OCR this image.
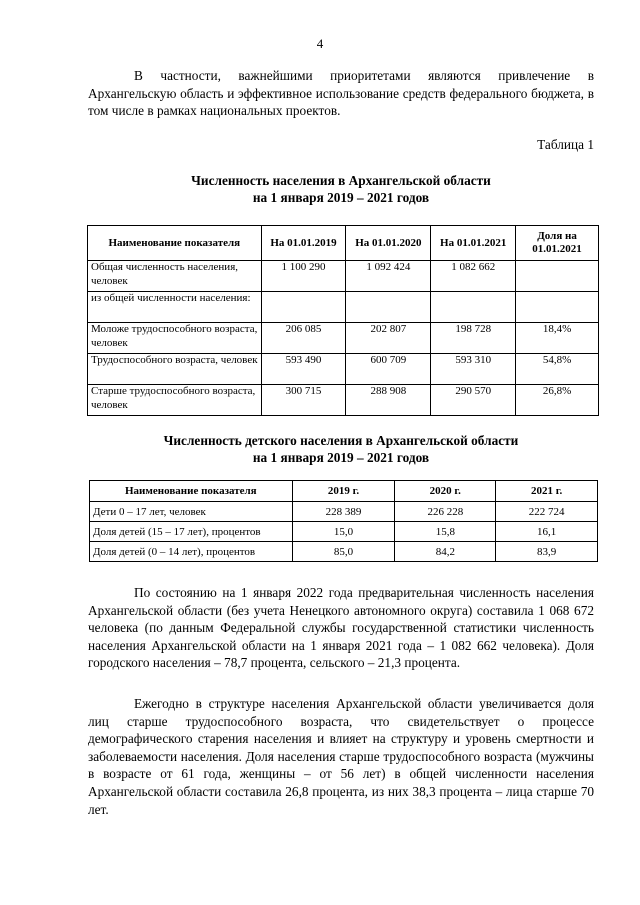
4

В частности, важнейшими приоритетами являются привлечение в Архангельскую область и эффективное использование средств федерального бюджета, в том числе в рамках национальных проектов.

Таблица 1
Численность населения в Архангельской области
на 1 января 2019 – 2021 годов
Наименование показателя	На 01.01.2019	На 01.01.2020	На 01.01.2021	Доля на 01.01.2021
Общая численность населения, человек	1 100 290	1 092 424	1 082 662	
из общей численности населения:				
Моложе трудоспособного возраста, человек	206 085	202 807	198 728	18,4%
Трудоспособного возраста, человек	593 490	600 709	593 310	54,8%
Старше трудоспособного возраста, человек	300 715	288 908	290 570	26,8%
Численность детского населения в Архангельской области
на 1 января 2019 – 2021 годов
Наименование показателя	2019 г.	2020 г.	2021 г.
Дети 0 – 17 лет, человек	228 389	226 228	222 724
Доля детей (15 – 17 лет), процентов	15,0	15,8	16,1
Доля детей (0 – 14 лет), процентов	85,0	84,2	83,9

По состоянию на 1 января 2022 года предварительная численность населения Архангельской области (без учета Ненецкого автономного округа) составила 1 068 672 человека (по данным Федеральной службы государственной статистики численность населения Архангельской области на 1 января 2021 года – 1 082 662 человека). Доля городского населения – 78,7 процента, сельского – 21,3 процента.

Ежегодно в структуре населения Архангельской области увеличивается доля лиц старше трудоспособного возраста, что свидетельствует о процессе демографического старения населения и влияет на структуру и уровень смертности и заболеваемости населения. Доля населения старше трудоспособного возраста (мужчины в возрасте от 61 года, женщины – от 56 лет) в общей численности населения Архангельской области составила 26,8 процента, из них 38,3 процента – лица старше 70 лет.
